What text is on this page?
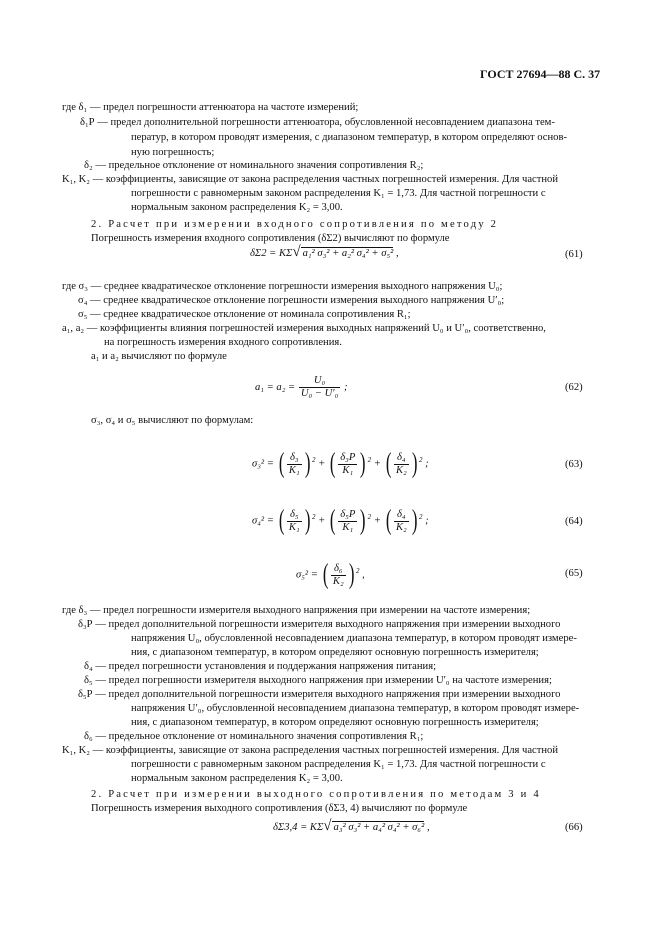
ГОСТ 27694—88 С. 37
где δ₁ — предел погрешности аттенюатора на частоте измерений;
δ₁Р — предел дополнительной погрешности аттенюатора, обусловленной несовпадением диапазона тем-
ператур, в котором проводят измерения, с диапазоном температур, в котором определяют основ-
ную погрешность;
δ₂ — предельное отклонение от номинального значения сопротивления R₂;
K₁, K₂ — коэффициенты, зависящие от закона распределения частных погрешностей измерения. Для частной
погрешности с равномерным законом распределения K₁ = 1,73. Для частной погрешности с
нормальным законом распределения K₂ = 3,00.
2. Расчет при измерении входного сопротивления по методу 2
Погрешность измерения входного сопротивления (δΣ2) вычисляют по формуле
δΣ2 = KΣ√ a₁² σ₃² + a₂² σ₄² + σ₅² ,	(61)
где σ₃ — среднее квадратическое отклонение погрешности измерения выходного напряжения U₀;
σ₄ — среднее квадратическое отклонение погрешности измерения выходного напряжения U′₀;
σ₅ — среднее квадратическое отклонение от номинала сопротивления R₁;
a₁, a₂ — коэффициенты влияния погрешностей измерения выходных напряжений U₀ и U′₀, соответственно,
на погрешность измерения входного сопротивления.
a₁ и a₂ вычисляют по формуле
$a_1 = a_2 = \frac{\text{U₀}}{\text{U₀ − U′₀}}$ ;	(62)
σ₃, σ₄ и σ₅ вычисляют по формулам:
σ₃² = ( $\frac{\text{δ₃}}{\text{K₁}}$ ) $^2$ + ( δ₃Р
K₁ ) $^2$ + ( $\frac{\text{δ₄}}{\text{K₂}}$ ) $^2$ ;	(63)
σ₄² = ( $\frac{\text{δ₅}}{\text{K₁}}$ ) $^2$ + ( δ₅Р
K₁ ) $^2$ + ( $\frac{\text{δ₄}}{\text{K₂}}$ ) $^2$ ;	(64)
σ₅² = ( $\frac{\text{δ₆}}{\text{K₂}}$ ) $^2$ ,	(65)
где δ₃ — предел погрешности измерителя выходного напряжения при измерении на частоте измерения;
δ₃Р — предел дополнительной погрешности измерителя выходного напряжения при измерении выходного
напряжения U₀, обусловленной несовпадением диапазона температур, в котором проводят измере-
ния, с диапазоном температур, в котором определяют основную погрешность измерителя;
δ₄ — предел погрешности установления и поддержания напряжения питания;
δ₅ — предел погрешности измерителя выходного напряжения при измерении U′₀ на частоте измерения;
δ₅Р — предел дополнительной погрешности измерителя выходного напряжения при измерении выходного
напряжения U′₀, обусловленной несовпадением диапазона температур, в котором проводят измере-
ния, с диапазоном температур, в котором определяют основную погрешность измерителя;
δ₆ — предельное отклонение от номинального значения сопротивления R₁;
K₁, K₂ — коэффициенты, зависящие от закона распределения частных погрешностей измерения. Для частной
погрешности с равномерным законом распределения K₁ = 1,73. Для частной погрешности с
нормальным законом распределения K₂ = 3,00.
2. Расчет при измерении выходного сопротивления по методам 3 и 4
Погрешность измерения выходного сопротивления (δΣ3, 4) вычисляют по формуле
δΣ3,4 = KΣ√ a₃² σ₃² + a₄² σ₄² + σ₆² ,	(66)
